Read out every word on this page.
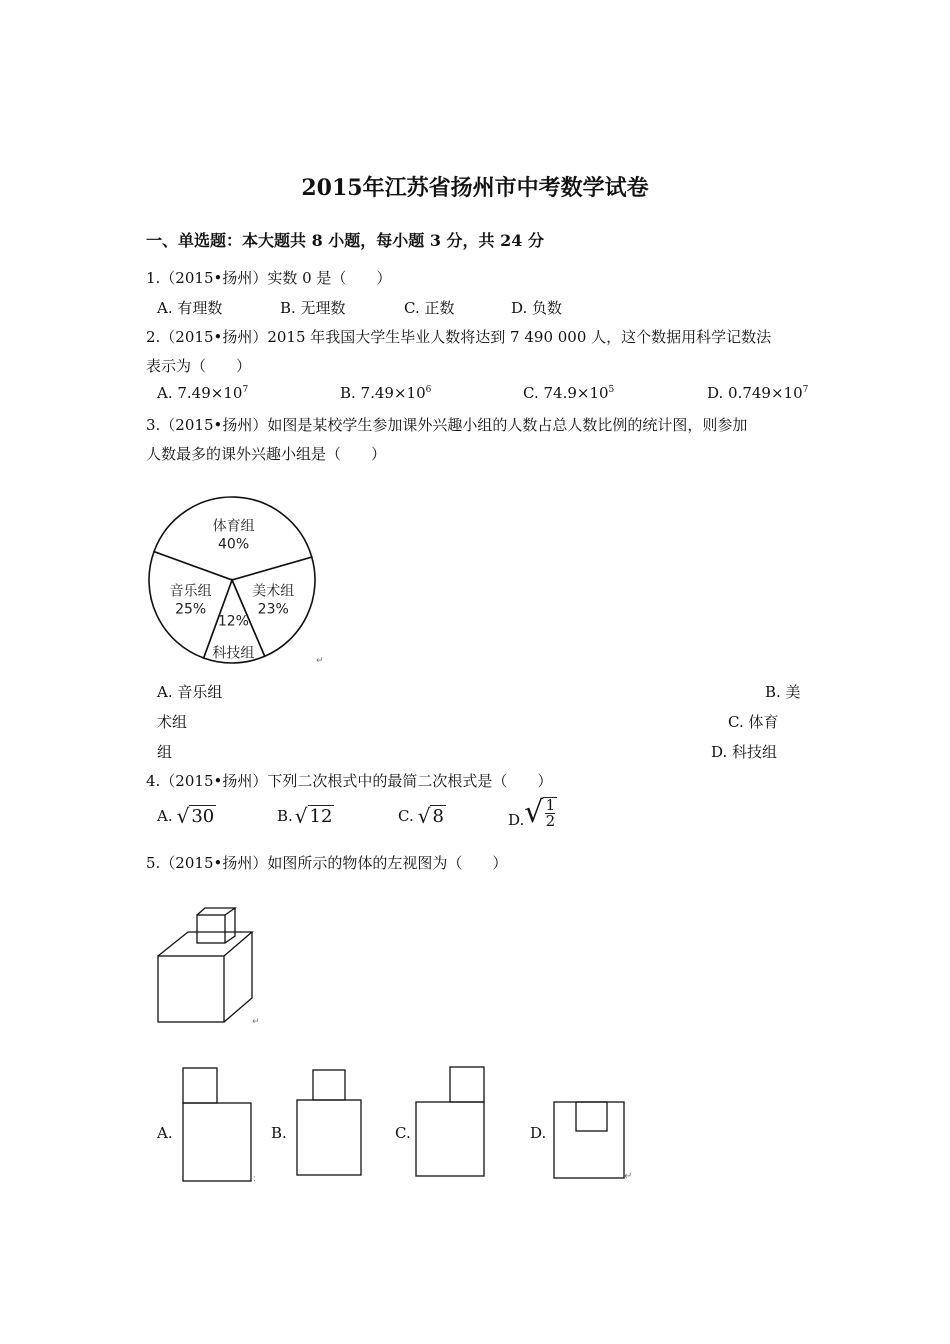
2015年江苏省扬州市中考数学试卷
一、单选题：本大题共 8 小题，每小题 3 分，共 24 分
1.（2015•扬州）实数 0 是（　　）
A. 有理数	B. 无理数	C. 正数	D. 负数
2.（2015•扬州）2015 年我国大学生毕业人数将达到 7 490 000 人，这个数据用科学记数法
表示为（　　）
A. $7.49\times 10^7$	B. $7.49\times 10^6$	C. $74.9\times 10^5$	D. $0.749\times 10^7$
3.（2015•扬州）如图是某校学生参加课外兴趣小组的人数占总人数比例的统计图，则参加
人数最多的课外兴趣小组是（　　）
体育组
40%
美术组
23%
科技组
12%
音乐组
25%
↵
A. 音乐组	B. 美
术组	C. 体育
组	D. 科技组
4.（2015•扬州）下列二次根式中的最简二次根式是（　　）
A. √ 30	B. √ 12	C. √ 8	D. √ $\frac{1}{2}$
5.（2015•扬州）如图所示的物体的左视图为（　　）
↵
A.
:
B.	C.	D.
↵
